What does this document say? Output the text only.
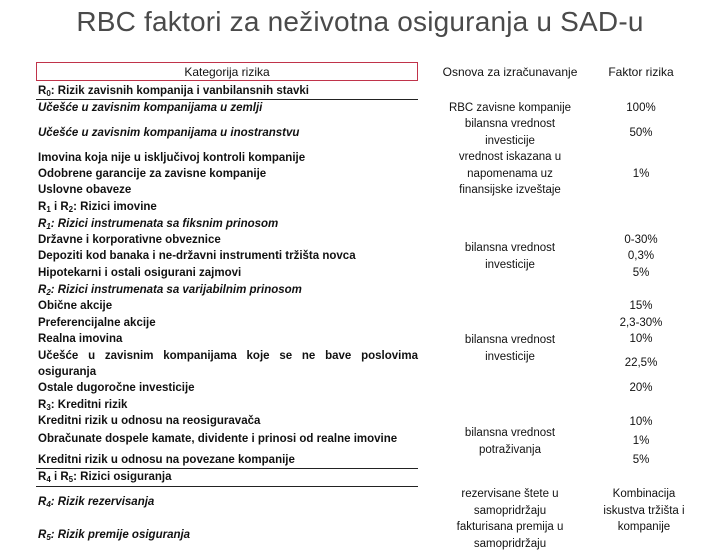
RBC faktori za neživotna osiguranja u SAD-u
Kategorija rizika	Osnova za izračunavanje	Faktor rizika
$R_0$: Rizik zavisnih kompanija i vanbilansnih stavki
Učešće u zavisnim kompanijama u zemlji
Učešće u zavisnim kompanijama u inostranstvu
Imovina koja nije u isključivoj kontroli kompanije
Odobrene garancije za zavisne kompanije
Uslovne obaveze
$R_1$ i $R_2$: Rizici imovine
$R_1$: Rizici instrumenata sa fiksnim prinosom
Državne i korporativne obveznice
Depoziti kod banaka i ne-državni instrumenti tržišta novca
Hipotekarni i ostali osigurani zajmovi
$R_2$: Rizici instrumenata sa varijabilnim prinosom
Obične akcije
Preferencijalne akcije
Realna imovina
Učešće u zavisnim kompanijama koje se ne bave poslovima osiguranja
Ostale dugoročne investicije
$R_3$: Kreditni rizik
Kreditni rizik u odnosu na reosiguravača
Obračunate dospele kamate, dividente i prinosi od realne imovine
Kreditni rizik u odnosu na povezane kompanije
$R_4$ i $R_5$: Rizici osiguranja
$R_4$: Rizik rezervisanja
$R_5$: Rizik premije osiguranja
RBC zavisne kompanije
bilansna vrednost investicije
vrednost iskazana u napomenama uz finansijske izveštaje
bilansna vrednost investicije
bilansna vrednost investicije
bilansna vrednost potraživanja
rezervisane štete u samopridržaju
fakturisana premija u samopridržaju
100%
50%
1%
0-30%
0,3%
5%
15%
2,3-30%
10%
22,5%
20%
10%
1%
5%
Kombinacija iskustva tržišta i kompanije
